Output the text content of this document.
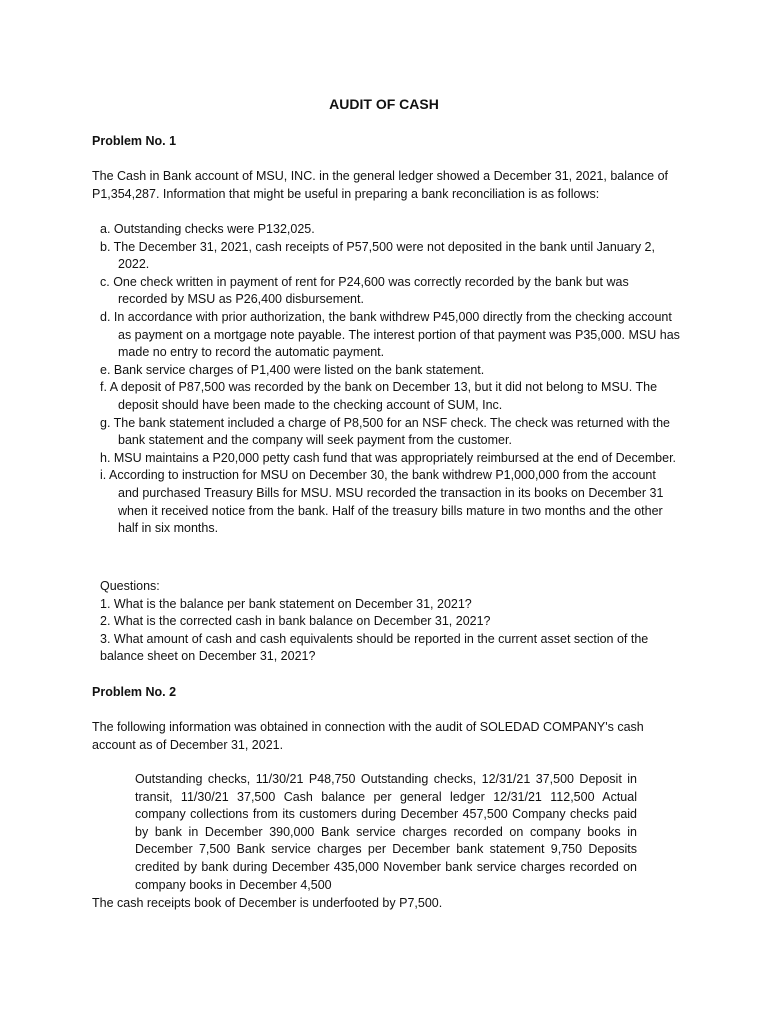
AUDIT OF CASH
Problem No. 1
The Cash in Bank account of MSU, INC. in the general ledger showed a December 31, 2021, balance of P1,354,287. Information that might be useful in preparing a bank reconciliation is as follows:
a. Outstanding checks were P132,025.
b. The December 31, 2021, cash receipts of P57,500 were not deposited in the bank until January 2, 2022.
c. One check written in payment of rent for P24,600 was correctly recorded by the bank but was recorded by MSU as P26,400 disbursement.
d. In accordance with prior authorization, the bank withdrew P45,000 directly from the checking account as payment on a mortgage note payable. The interest portion of that payment was P35,000. MSU has made no entry to record the automatic payment.
e. Bank service charges of P1,400 were listed on the bank statement.
f. A deposit of P87,500 was recorded by the bank on December 13, but it did not belong to MSU. The deposit should have been made to the checking account of SUM, Inc.
g. The bank statement included a charge of P8,500 for an NSF check. The check was returned with the bank statement and the company will seek payment from the customer.
h. MSU maintains a P20,000 petty cash fund that was appropriately reimbursed at the end of December.
i. According to instruction for MSU on December 30, the bank withdrew P1,000,000 from the account and purchased Treasury Bills for MSU. MSU recorded the transaction in its books on December 31 when it received notice from the bank. Half of the treasury bills mature in two months and the other half in six months.
Questions:
1. What is the balance per bank statement on December 31, 2021?
2. What is the corrected cash in bank balance on December 31, 2021?
3. What amount of cash and cash equivalents should be reported in the current asset section of the balance sheet on December 31, 2021?
Problem No. 2
The following information was obtained in connection with the audit of SOLEDAD COMPANY's cash account as of December 31, 2021.
Outstanding checks, 11/30/21 P48,750 Outstanding checks, 12/31/21 37,500 Deposit in transit, 11/30/21 37,500 Cash balance per general ledger 12/31/21 112,500 Actual company collections from its customers during December 457,500 Company checks paid by bank in December 390,000 Bank service charges recorded on company books in December 7,500 Bank service charges per December bank statement 9,750 Deposits credited by bank during December 435,000 November bank service charges recorded on company books in December 4,500
The cash receipts book of December is underfooted by P7,500.
